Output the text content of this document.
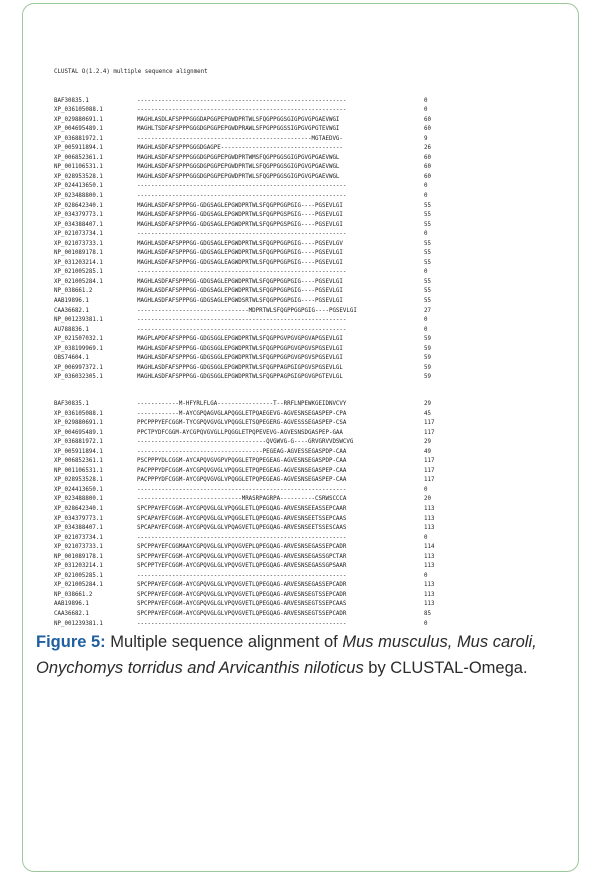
CLUSTAL O(1.2.4) multiple sequence alignment
BAF30835.1	------------------------------------------------------------	0
XP_036105088.1	------------------------------------------------------------	0
XP_029880691.1	MAGHLASDLAFSPPPGGGDAPGGPEPGWDPRTWLSFQGPPGGSGIGPGVGPGAEVWGI	60
XP_004695489.1	MAGHLTSDFAFSPPPGGGDGPGGPEPGWDPRAWLSFPGPPGGSSIGPGVGPGTEVWGI	60
XP_036881972.1	--------------------------------------------------MGTAEDVG-	9
XP_005911894.1	MAGHLASDFAFSPPPGGGDGAGPE-----------------------------------	26
XP_006852361.1	MAGHLASDFAFSPPPGGGDGPGGPEPGWDPRTWMSFQGPPGGSGIGPGVGPGAEVWGL	60
NP_001106531.1	MAGHLASDFAFSPPPGGGDGPGGPEPGWDPRTWLSFQGPPGGSGIGPGVGPGAEVWGL	60
XP_028953528.1	MAGHLASDFAFSPPPGGGDGPGGPEPGWDPRTWLSFQGPPGGSGIGPGVGPGAEVWGL	60
XP_024413650.1	------------------------------------------------------------	0
XP_023488800.1	------------------------------------------------------------	0
XP_028642340.1	MAGHLASDFAFSPPPGG-GDGSAGLEPGWDPRTWLSFQGPPGGPGIG----PGSEVLGI	55
XP_034379773.1	MAGHLASDFAFSPPPGG-GDGSAGLEPGWDPRTWLSFQGPPGSPGIG----PGSEVLGI	55
XP_034388407.1	MAGHLASDFAFSPPPGG-GDGSAGLEPGWDPRTWLSFQGPPGSPGIG----PGSEVLGI	55
XP_021073734.1	------------------------------------------------------------	0
XP_021073733.1	MAGHLASDFAFSPPPGG-GDGSAGLEPGWDPRTWLSFQGPPGGPGIG----PGSEVLGV	55
NP_001089178.1	MAGHLASDFAFSPPPGG-GDGSAGLEPGWDPRTWLSFQGPPGGPGIG----PGSEVLGI	55
XP_031203214.1	MAGHLASDFAFSPPPGG-GDGSAGLEAGWDPRTWLSFQGPPGGPGIG----PGSEVLGI	55
XP_021005285.1	------------------------------------------------------------	0
XP_021005284.1	MAGHLASDFAFSPPPGG-GDGSAGLEPGWDPRTWLSFQGPPGGPGIG----PGSEVLGI	55
NP_038661.2	MAGHLASDFAFSPPPGG-GDGSAGLEPGWDPRTWLSFQGPPGGPGIG----PGSEVLGI	55
AAB19896.1	MAGHLASDFAFSPPPGG-GDGSAGLEPGWDSRTWLSFQGPPGGPGIG----PGSEVLGI	55
CAA36682.1	--------------------------------MDPRTWLSFQGPPGGPGIG----PGSEVLGI	27
NP_001239381.1	------------------------------------------------------------	0
AU788836.1	------------------------------------------------------------	0
XP_021507032.1	MAGPLAPDFAFSPPPGG-GDGSGGLEPGWDPRTWLSFQGPPGVPGVGPGVAPGSEVLGI	59
XP_038199969.1	MAGHLASDFAFSPPPGG-GDGSGGLEPGWDPRTWLSFQGPPGGPGVGPGVSPGSEVLGI	59
OBS74604.1	MAGHLASDFAFSPPPGG-GDGSGGLEPGWDPRTWLSFQGPPGGPGVGPGVSPGSEVLGI	59
XP_006997372.1	MAGHLASDFAFSPPPGG-GDGSGGLEPGWDPRTWLSFQGPPAGPGIGPGVSPGSEVLGL	59
XP_036032305.1	MAGHLASDFAFSPPPGG-GDGSGGLEPGWDPRTWLSFQGPPAGPGIGPGVGPGTEVLGL	59
BAF30835.1	------------M-HFYRLFLGA----------------T--RRFLNPEWKGEIDNVCVY	29
XP_036105088.1	------------M-AYCGPQAGVGLAPQGGLETPQAEGEVG-AGVESNSEGASPEP-CPA	45
XP_029880691.1	PPCPPPYEFCGGM-TYCGPQVGVGLVPQGGLETSQPEGERG-AGVESSSEGASPEP-CSA	117
XP_004695489.1	PPCTPYDFCGGM-AYCGPQVGVGLLPQGGLETPQPEVEVG-AGVESNSDGASPEP-GAA	117
XP_036881972.1	-------------------------------------QVGWVG-G----GRVGRVVDSWCVG	29
XP_005911894.1	------------------------------------PEGEAG-AGVESSEGASPDP-CAA	49
XP_006852361.1	PSCPPPYDLCGGM-AYCAPQVGVGPVPQGGLETPQPEGEAG-AGVESNSEGASPDP-CAA	117
NP_001106531.1	PACPPPYDFCGGM-AYCGPQVGVGLVPQGGLETPQPEGEAG-AGVESNSEGASPEP-CAA	117
XP_028953528.1	PACPPPYDFCGGM-AYCGPQVGVGLVPQGGLETPQPEGEAG-AGVESNSEGASPEP-CAA	117
XP_024413650.1	------------------------------------------------------------	0
XP_023488800.1	------------------------------MRASRPAGRPA----------CSRWSCCCA	20
XP_028642340.1	SPCPPAYEFCGGM-AYCGPQVGLGLVPQGGLETLQPEGQAG-ARVESNSEEASSEPCAAR	113
XP_034379773.1	SPCAPAYEFCGGM-AYCGPQVGLGLVPQGGLETLQPEGQAG-ARVESNSEETSSEPCAAS	113
XP_034388407.1	SPCAPAYEFCGGM-AYCGPQVGLGLVPQAGVETLQPEGQAG-ARVESNSEETSSESCAAS	113
XP_021073734.1	------------------------------------------------------------	0
XP_021073733.1	SPCPPAYEFCGGMAAYCGPQVGLGLVPQVGVEPLQPEGQAG-ARVESNSEGASSEPCADR	114
NP_001089178.1	SPCPPAYEFCGGM-AYCGPQVGLGLVPQVGVETLQPEGQAG-ARVESNSEGASSGPCTAR	113
XP_031203214.1	SPCPPTYEFCGGM-AYCGPQVGLGLVPQVGVETLQPEGQAG-ARVESNSEGASSGPSAAR	113
XP_021005285.1	------------------------------------------------------------	0
XP_021005284.1	SPCPPAYEFCGGM-AYCGPQVGLGLVPQVGVETLQPEGQAG-ARVESNSEGASSEPCADR	113
NP_038661.2	SPCPPAYEFCGGM-AYCGPQVGLGLVPQVGVETLQPEGQAG-ARVESNSEGTSSEPCADR	113
AAB19896.1	SPCPPAYEFCGGM-AYCGPQVGLGLVPQVGVETLQPEGQAG-ARVESNSEGTSSEPCAAS	113
CAA36682.1	SPCPPAYEFCGGM-AYCGPQVGLGLVPQVGVETLQPEGQAG-ARVESNSEGTSSEPCADR	85
NP_001239381.1	------------------------------------------------------------	0
Figure 5: Multiple sequence alignment of Mus musculus, Mus caroli, Onychomys torridus and Arvicanthis niloticus by CLUSTAL-Omega.
